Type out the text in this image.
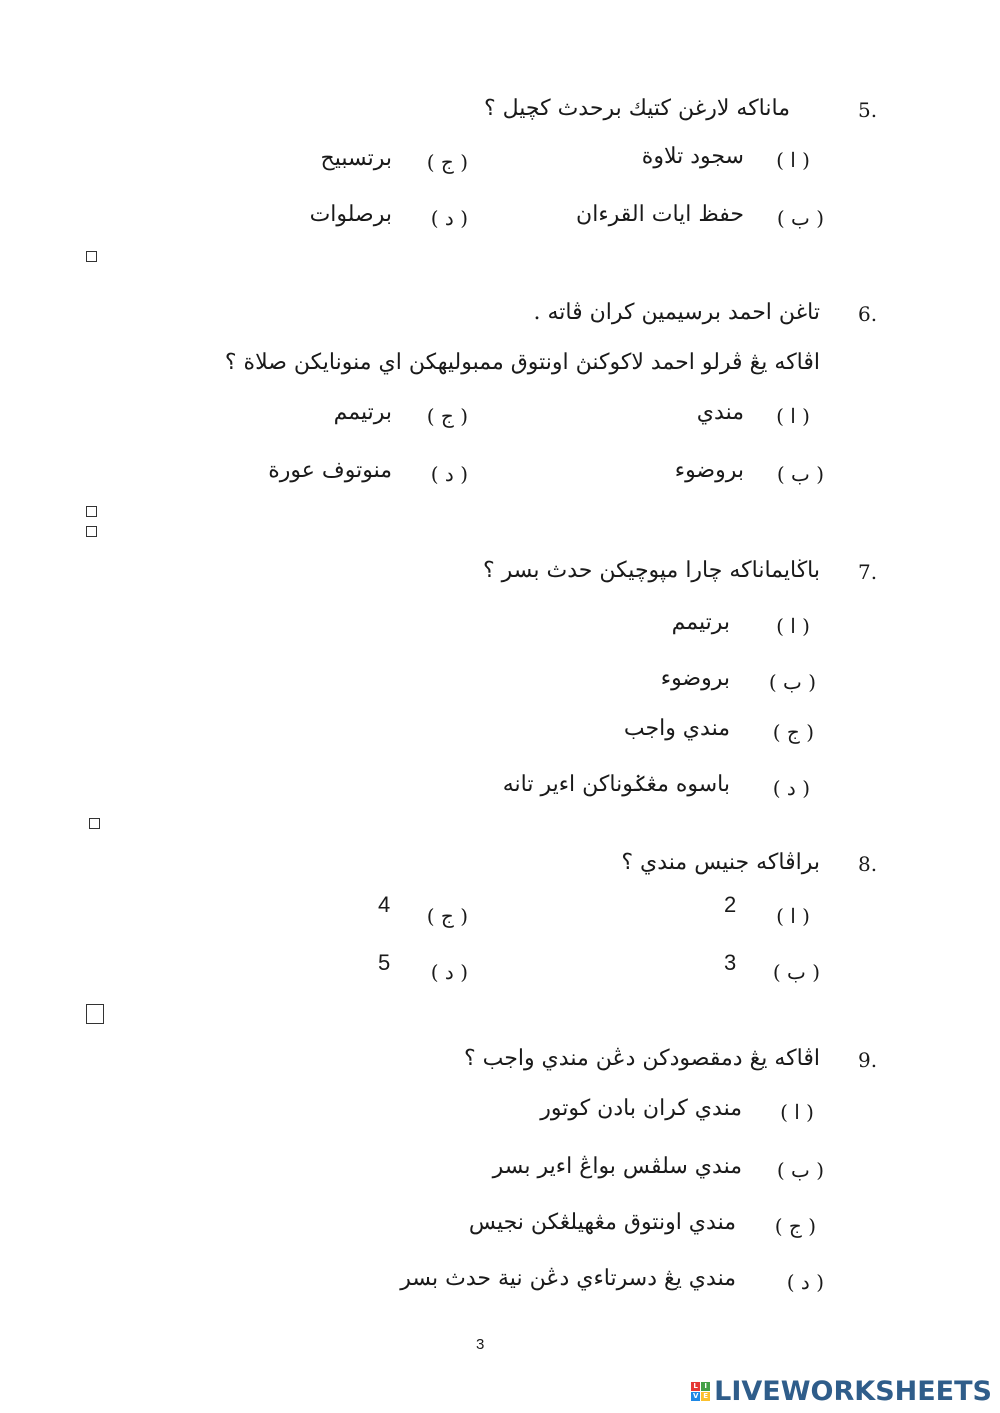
ماناكه لارغن كتيك برحدث كچيل ؟	5.
( ا )
سجود تلاوة
( ج )
برتسبيح
( ب )
حفظ ايات القرءان
( د )
برصلوات
تاغن احمد برسيمين كران ڤاته . 6.
اڤاكه يڠ ڤرلو احمد لاكوكنڽ اونتوق ممبوليهكن اي منونايكن صلاة ؟
( ا )
مندي
( ج )
برتيمم
( ب )
بروضوء
( د )
منوتوف عورة
باڬايماناكه چارا مپوچيكن حدث بسر ؟ 7.
( ا )
برتيمم
( ب )
بروضوء
( ج )
مندي واجب
( د )
باسوه مڠݢوناكن اءير تانه
براڤاكه جنيس مندي ؟ 8.
( ا )
2
( ج )
4
( ب )
3
( د )
5
اڤاكه يڠ دمقصودكن دڠن مندي واجب ؟ 9.
( ا )
مندي كران بادن كوتور
( ب )
مندي سلڤس بواڠ اءير بسر
( ج )
مندي اونتوق مڠهيلڠكن نجيس
( د )
مندي يڠ دسرتاءي دڠن نية حدث بسر
3
L I
V E LIVEWORKSHEETS
